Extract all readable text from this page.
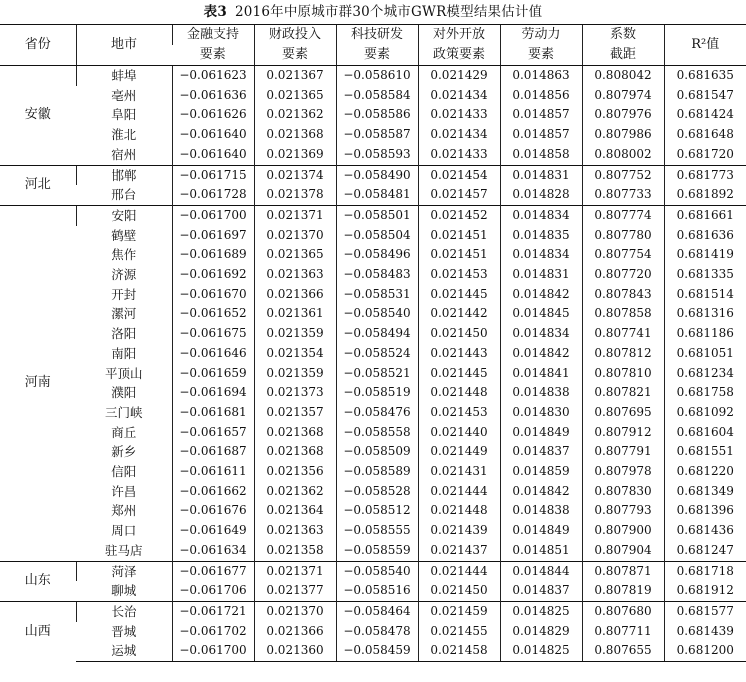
表3 2016年中原城市群30个城市GWR模型结果估计值
省份	地市	金融支持	财政投入	科技研发	对外开放	劳动力	系数	R²值
		要素	要素	要素	政策要素	要素	截距	
安徽	蚌埠	−0.061623	0.021367	−0.058610	0.021429	0.014863	0.808042	0.681635
	亳州	−0.061636	0.021365	−0.058584	0.021434	0.014856	0.807974	0.681547
	阜阳	−0.061626	0.021362	−0.058586	0.021433	0.014857	0.807976	0.681424
	淮北	−0.061640	0.021368	−0.058587	0.021434	0.014857	0.807986	0.681648
	宿州	−0.061640	0.021369	−0.058593	0.021433	0.014858	0.808002	0.681720
河北	邯郸	−0.061715	0.021374	−0.058490	0.021454	0.014831	0.807752	0.681773
	邢台	−0.061728	0.021378	−0.058481	0.021457	0.014828	0.807733	0.681892
河南	安阳	−0.061700	0.021371	−0.058501	0.021452	0.014834	0.807774	0.681661
	鹤壁	−0.061697	0.021370	−0.058504	0.021451	0.014835	0.807780	0.681636
	焦作	−0.061689	0.021365	−0.058496	0.021451	0.014834	0.807754	0.681419
	济源	−0.061692	0.021363	−0.058483	0.021453	0.014831	0.807720	0.681335
	开封	−0.061670	0.021366	−0.058531	0.021445	0.014842	0.807843	0.681514
	漯河	−0.061652	0.021361	−0.058540	0.021442	0.014845	0.807858	0.681316
	洛阳	−0.061675	0.021359	−0.058494	0.021450	0.014834	0.807741	0.681186
	南阳	−0.061646	0.021354	−0.058524	0.021443	0.014842	0.807812	0.681051
	平顶山	−0.061659	0.021359	−0.058521	0.021445	0.014841	0.807810	0.681234
	濮阳	−0.061694	0.021373	−0.058519	0.021448	0.014838	0.807821	0.681758
	三门峡	−0.061681	0.021357	−0.058476	0.021453	0.014830	0.807695	0.681092
	商丘	−0.061657	0.021368	−0.058558	0.021440	0.014849	0.807912	0.681604
	新乡	−0.061687	0.021368	−0.058509	0.021449	0.014837	0.807791	0.681551
	信阳	−0.061611	0.021356	−0.058589	0.021431	0.014859	0.807978	0.681220
	许昌	−0.061662	0.021362	−0.058528	0.021444	0.014842	0.807830	0.681349
	郑州	−0.061676	0.021364	−0.058512	0.021448	0.014838	0.807793	0.681396
	周口	−0.061649	0.021363	−0.058555	0.021439	0.014849	0.807900	0.681436
	驻马店	−0.061634	0.021358	−0.058559	0.021437	0.014851	0.807904	0.681247
山东	菏泽	−0.061677	0.021371	−0.058540	0.021444	0.014844	0.807871	0.681718
	聊城	−0.061706	0.021377	−0.058516	0.021450	0.014837	0.807819	0.681912
山西	长治	−0.061721	0.021370	−0.058464	0.021459	0.014825	0.807680	0.681577
	晋城	−0.061702	0.021366	−0.058478	0.021455	0.014829	0.807711	0.681439
	运城	−0.061700	0.021360	−0.058459	0.021458	0.014825	0.807655	0.681200
